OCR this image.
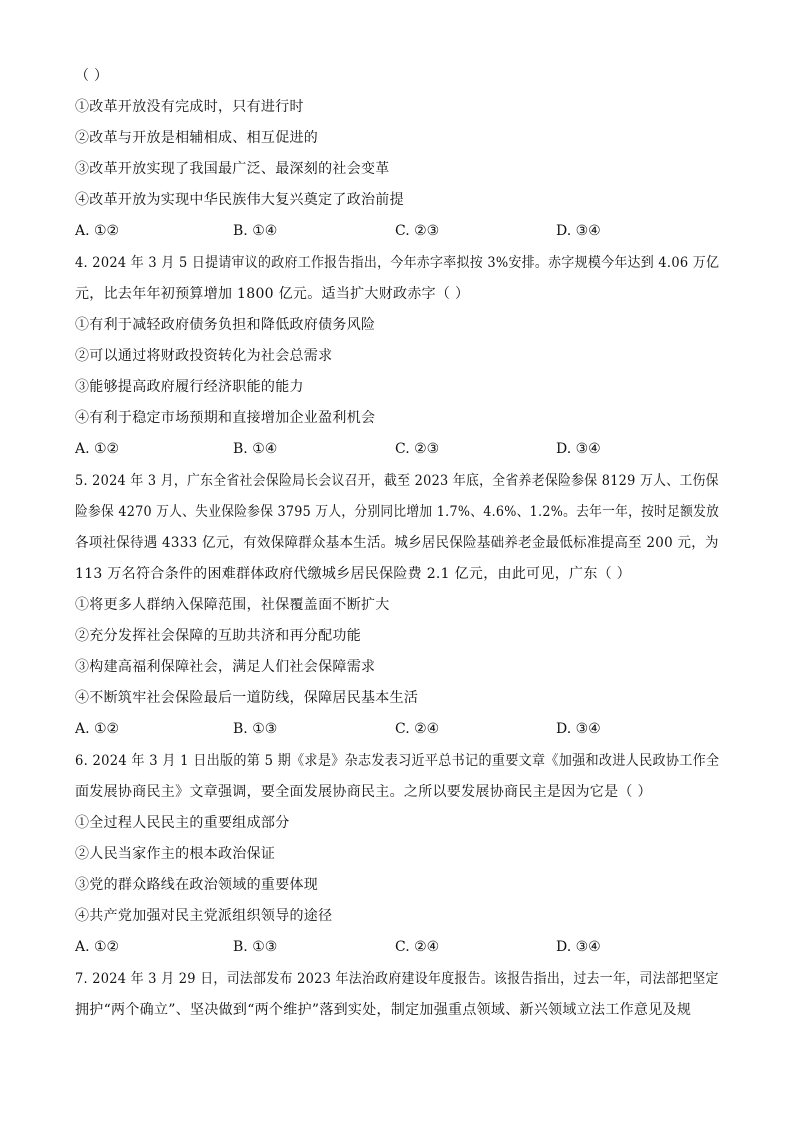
（ ）
①改革开放没有完成时，只有进行时
②改革与开放是相辅相成、相互促进的
③改革开放实现了我国最广泛、最深刻的社会变革
④改革开放为实现中华民族伟大复兴奠定了政治前提
A. ①②	B. ①④	C. ②③	D. ③④
4. 2024 年 3 月 5 日提请审议的政府工作报告指出，今年赤字率拟按 3%安排。赤字规模今年达到 4.06 万亿
元，比去年年初预算增加 1800 亿元。适当扩大财政赤字（ ）
①有利于减轻政府债务负担和降低政府债务风险
②可以通过将财政投资转化为社会总需求
③能够提高政府履行经济职能的能力
④有利于稳定市场预期和直接增加企业盈利机会
A. ①②	B. ①④	C. ②③	D. ③④
5. 2024 年 3 月，广东全省社会保险局长会议召开，截至 2023 年底，全省养老保险参保 8129 万人、工伤保
险参保 4270 万人、失业保险参保 3795 万人，分别同比增加 1.7%、4.6%、1.2%。去年一年，按时足额发放
各项社保待遇 4333 亿元，有效保障群众基本生活。城乡居民保险基础养老金最低标准提高至 200 元，为
113 万名符合条件的困难群体政府代缴城乡居民保险费 2.1 亿元，由此可见，广东（ ）
①将更多人群纳入保障范围，社保覆盖面不断扩大
②充分发挥社会保障的互助共济和再分配功能
③构建高福利保障社会，满足人们社会保障需求
④不断筑牢社会保险最后一道防线，保障居民基本生活
A. ①②	B. ①③	C. ②④	D. ③④
6. 2024 年 3 月 1 日出版的第 5 期《求是》杂志发表习近平总书记的重要文章《加强和改进人民政协工作全
面发展协商民主》文章强调，要全面发展协商民主。之所以要发展协商民主是因为它是（ ）
①全过程人民民主的重要组成部分
②人民当家作主的根本政治保证
③党的群众路线在政治领域的重要体现
④共产党加强对民主党派组织领导的途径
A. ①②	B. ①③	C. ②④	D. ③④
7. 2024 年 3 月 29 日，司法部发布 2023 年法治政府建设年度报告。该报告指出，过去一年，司法部把坚定
拥护“两个确立”、坚决做到“两个维护”落到实处，制定加强重点领域、新兴领域立法工作意见及规
